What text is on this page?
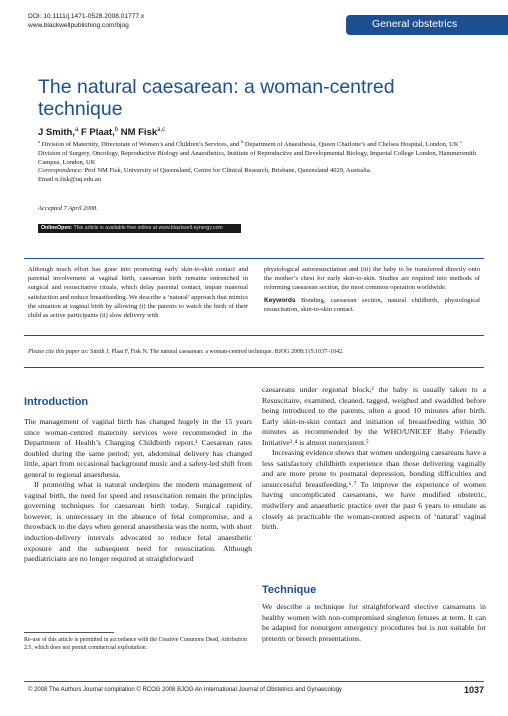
DOI: 10.1111/j.1471-0528.2008.01777.x
www.blackwellpublishing.com/bjog	General obstetrics
The natural caesarean: a woman-centred technique
J Smith,$^a$ F Plaat,$^b$ NM Fisk$^{a,c}$
$^a$ Division of Maternity, Directorate of Women’s and Children’s Services, and $^b$ Department of Anaesthesia, Queen Charlotte’s and Chelsea Hospital, London, UK $^c$ Division of Surgery, Oncology, Reproductive Biology and Anaesthetics, Institute of Reproductive and Developmental Biology, Imperial College London, Hammersmith Campus, London, UK
Correspondence: Prof NM Fisk, University of Queensland, Centre for Clinical Research, Brisbane, Queensland 4029, Australia.
Email n.fisk@uq.edu.au
Accepted 7 April 2008.
OnlineOpen: This article is available free online at www.blackwell-synergy.com
Although much effort has gone into promoting early skin-to-skin contact and parental involvement at vaginal birth, caesarean birth remains entrenched in surgical and resuscitative rituals, which delay parental contact, impair maternal satisfaction and reduce breastfeeding. We describe a ‘natural’ approach that mimics the situation at vaginal birth by allowing (i) the parents to watch the birth of their child as active participants (ii) slow delivery with
physiological autoresuscitation and (iii) the baby to be transferred directly onto the mother’s chest for early skin-to-skin. Studies are required into methods of reforming caesarean section, the most common operation worldwide.
Keywords Bonding, caesarean section, natural childbirth, physiological resuscitation, skin-to-skin contact.
Please cite this paper as: Smith J, Plaat F, Fisk N. The natural caesarean: a woman-centred technique. BJOG 2008;115:1037–1042.
Introduction

The management of vaginal birth has changed hugely in the 15 years since woman-centred maternity services were recommended in the Department of Health’s Changing Childbirth report.¹ Caesarean rates doubled during the same period; yet, abdominal delivery has changed little, apart from occasional background music and a safety-led shift from general to regional anaesthesia.

If promoting what is natural underpins the modern management of vaginal birth, the need for speed and resuscitation remain the principles governing techniques for caesarean birth today. Surgical rapidity, however, is unnecessary in the absence of fetal compromise, and a throwback to the days when general anaesthesia was the norm, with short induction-delivery intervals advocated to reduce fetal anaesthetic exposure and the subsequent need for resuscitation. Although paediatricians are no longer required at straightforward

caesareans under regional block,² the baby is usually taken to a Resuscitaire, examined, cleaned, tagged, weighed and swaddled before being introduced to the parents, often a good 10 minutes after birth. Early skin-to-skin contact and initiation of breastfeeding within 30 minutes as recommended by the WHO/UNICEF Baby Friendly Initiative³˒⁴ is almost nonexistent.⁵

Increasing evidence shows that women undergoing caesareans have a less satisfactory childbirth experience than those delivering vaginally and are more prone to postnatal depression, bonding difficulties and unsuccessful breastfeeding.⁶˒⁷ To improve the experience of women having uncomplicated caesareans, we have modified obstetric, midwifery and anaesthetic practice over the past 6 years to emulate as closely as practicable the woman-centred aspects of ‘natural’ vaginal birth.

Technique
We describe a technique for straightforward elective caesareans in healthy women with non-compromised singleton fetuses at term. It can be adapted for nonurgent emergency procedures but is not suitable for preterm or breech presentations.
Re-use of this article is permitted in accordance with the Creative Commons Deed, Attribution 2.5, which does not permit commercial exploitation.
© 2008 The Authors Journal compilation © RCOG 2008 BJOG An International Journal of Obstetrics and Gynaecology	1037
